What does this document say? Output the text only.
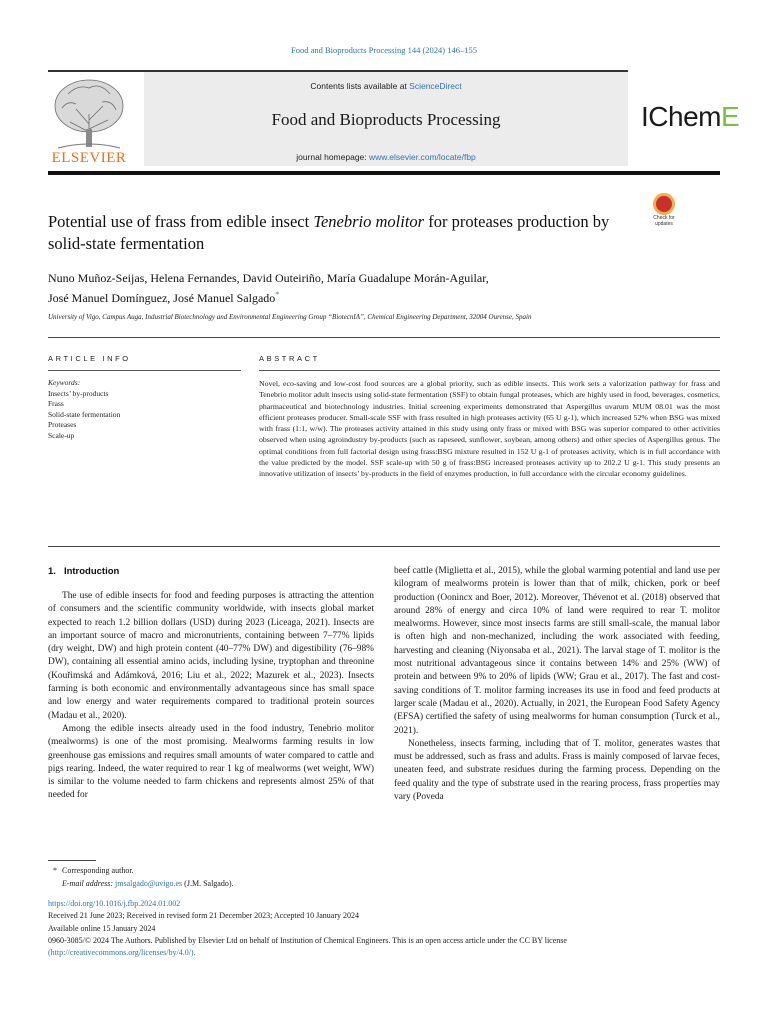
Food and Bioproducts Processing 144 (2024) 146–155
ELSEVIER
Contents lists available at ScienceDirect
Food and Bioproducts Processing
journal homepage: www.elsevier.com/locate/fbp
IChemE
Check for
updates
Potential use of frass from edible insect Tenebrio molitor for proteases production by solid-state fermentation
Nuno Muñoz-Seijas, Helena Fernandes, David Outeiriño, María Guadalupe Morán-Aguilar,
José Manuel Domínguez, José Manuel Salgado*
University of Vigo, Campus Auga, Industrial Biotechnology and Environmental Engineering Group “BiotecnIA”, Chemical Engineering Department, 32004 Ourense, Spain
ARTICLE INFO	ABSTRACT
Keywords:
Insects’ by-products
Frass
Solid-state fermentation
Proteases
Scale-up
Novel, eco-saving and low-cost food sources are a global priority, such as edible insects. This work sets a valorization pathway for frass and Tenebrio molitor adult insects using solid-state fermentation (SSF) to obtain fungal proteases, which are highly used in food, beverages, cosmetics, pharmaceutical and biotechnology industries. Initial screening experiments demonstrated that Aspergillus uvarum MUM 08.01 was the most efficient proteases producer. Small-scale SSF with frass resulted in high proteases activity (65 U g-1), which increased 52% when BSG was mixed with frass (1:1, w/w). The proteases activity attained in this study using only frass or mixed with BSG was superior compared to other activities observed when using agroindustry by-products (such as rapeseed, sunflower, soybean, among others) and other species of Aspergillus genus. The optimal conditions from full factorial design using frass:BSG mixture resulted in 152 U g-1 of proteases activity, which is in full accordance with the value predicted by the model. SSF scale-up with 50 g of frass:BSG increased proteases activity up to 202.2 U g-1. This study presents an innovative utilization of insects’ by-products in the field of enzymes production, in full accordance with the circular economy guidelines.
1. Introduction

The use of edible insects for food and feeding purposes is attracting the attention of consumers and the scientific community worldwide, with insects global market expected to reach 1.2 billion dollars (USD) during 2023 (Liceaga, 2021). Insects are an important source of macro and micronutrients, containing between 7–77% lipids (dry weight, DW) and high protein content (40–77% DW) and digestibility (76–98% DW), containing all essential amino acids, including lysine, tryptophan and threonine (Kouřimská and Adámková, 2016; Liu et al., 2022; Mazurek et al., 2023). Insects farming is both economic and environmentally advantageous since has small space and low energy and water requirements compared to traditional protein sources (Madau et al., 2020).

Among the edible insects already used in the food industry, Tenebrio molitor (mealworms) is one of the most promising. Mealworms farming results in low greenhouse gas emissions and requires small amounts of water compared to cattle and pigs rearing. Indeed, the water required to rear 1 kg of mealworms (wet weight, WW) is similar to the volume needed to farm chickens and represents almost 25% of that needed for

beef cattle (Miglietta et al., 2015), while the global warming potential and land use per kilogram of mealworms protein is lower than that of milk, chicken, pork or beef production (Oonincx and Boer, 2012). Moreover, Thévenot et al. (2018) observed that around 28% of energy and circa 10% of land were required to rear T. molitor mealworms. However, since most insects farms are still small-scale, the manual labor is often high and non-mechanized, including the work associated with feeding, harvesting and cleaning (Niyonsaba et al., 2021). The larval stage of T. molitor is the most nutritional advantageous since it contains between 14% and 25% (WW) of protein and between 9% to 20% of lipids (WW; Grau et al., 2017). The fast and cost-saving conditions of T. molitor farming increases its use in food and feed products at larger scale (Madau et al., 2020). Actually, in 2021, the European Food Safety Agency (EFSA) certified the safety of using mealworms for human consumption (Turck et al., 2021).

Nonetheless, insects farming, including that of T. molitor, generates wastes that must be addressed, such as frass and adults. Frass is mainly composed of larvae feces, uneaten feed, and substrate residues during the farming process. Depending on the feed quality and the type of substrate used in the rearing process, frass properties may vary (Poveda

* Corresponding author.
E-mail address: jmsalgado@uvigo.es (J.M. Salgado).
https://doi.org/10.1016/j.fbp.2024.01.002
Received 21 June 2023; Received in revised form 21 December 2023; Accepted 10 January 2024
Available online 15 January 2024
0960-3085/© 2024 The Authors. Published by Elsevier Ltd on behalf of Institution of Chemical Engineers. This is an open access article under the CC BY license
(http://creativecommons.org/licenses/by/4.0/).
